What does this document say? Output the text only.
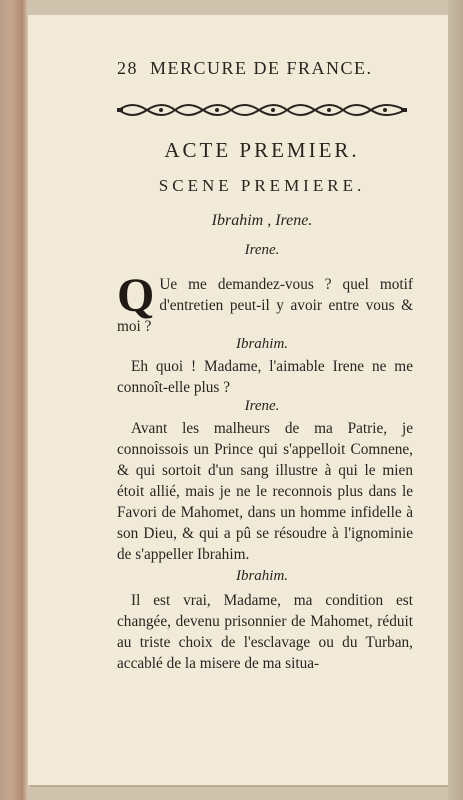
28 MERCURE DE FRANCE.
ACTE PREMIER.
SCENE PREMIERE.
Ibrahim , Irene.
Irene.
Q Ue me demandez-vous ? quel motif d'entretien peut-il y avoir entre vous & moi ?
Ibrahim.
Eh quoi ! Madame, l'aimable Irene ne me connoît-elle plus ?
Irene.
Avant les malheurs de ma Patrie, je connoissois un Prince qui s'appelloit Comnene, & qui sortoit d'un sang illustre à qui le mien étoit allié, mais je ne le reconnois plus dans le Favori de Mahomet, dans un homme infidelle à son Dieu, & qui a pû se résoudre à l'ignominie de s'appeller Ibrahim.
Ibrahim.
Il est vrai, Madame, ma condition est changée, devenu prisonnier de Mahomet, réduit au triste choix de l'esclavage ou du Turban, accablé de la misere de ma situa-
